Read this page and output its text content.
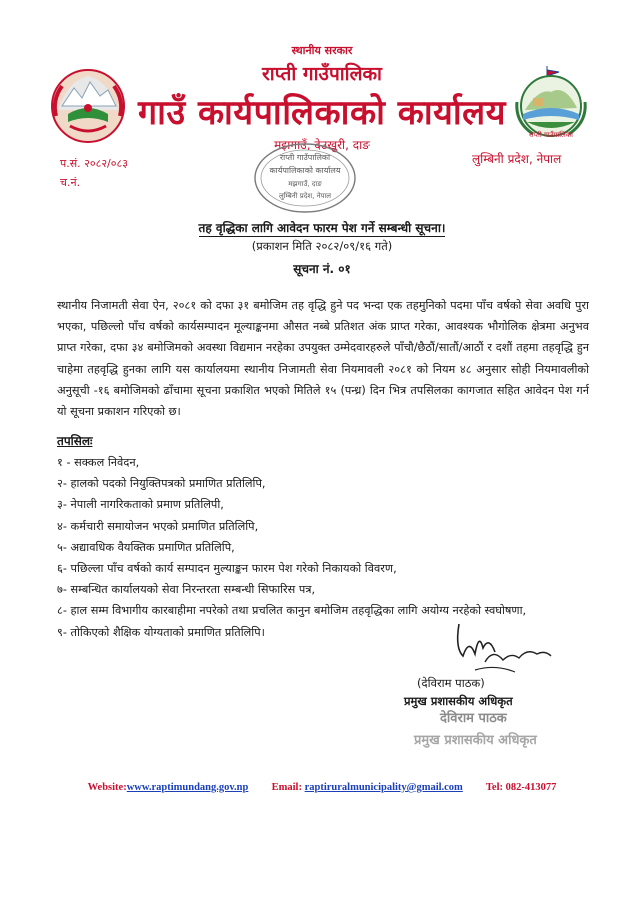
राप्ती गाउँपालिका
स्थानीय सरकार
राप्ती गाउँपालिका
गाउँ कार्यपालिकाको कार्यालय
मझगाउँ, देउखुरी, दाङ
प.सं. २०८२/०८३
च.नं.
लुम्बिनी प्रदेश, नेपाल
राप्ती गाउँपालिका
कार्यपालिकाको कार्यालय
मझगाउँ, दाङ
लुम्बिनी प्रदेश, नेपाल
तह वृद्धिका लागि आवेदन फारम पेश गर्ने सम्बन्धी सूचना।
(प्रकाशन मिति २०८२/०९/१६ गते)
सूचना नं. ०१
स्थानीय निजामती सेवा ऐन, २०८१ को दफा ३१ बमोजिम तह वृद्धि हुने पद भन्दा एक तहमुनिको पदमा पाँच वर्षको सेवा अवधि पुरा भएका, पछिल्लो पाँच वर्षको कार्यसम्पादन मूल्याङ्कनमा औसत नब्बे प्रतिशत अंक प्राप्त गरेका, आवश्यक भौगोलिक क्षेत्रमा अनुभव प्राप्त गरेका, दफा ३४ बमोजिमको अवस्था विद्यमान नरहेका उपयुक्त उम्मेदवारहरुले पाँचौ/छैठौं/सातौं/आठौं र दशौं तहमा तहवृद्धि हुन चाहेमा तहवृद्धि हुनका लागि यस कार्यालयमा स्थानीय निजामती सेवा नियमावली २०८१ को नियम ४८ अनुसार सोही नियमावलीको अनुसूची -१६ बमोजिमको ढाँचामा सूचना प्रकाशित भएको मितिले १५ (पन्ध्र) दिन भित्र तपसिलका कागजात सहित आवेदन पेश गर्न यो सूचना प्रकाशन गरिएको छ।
तपसिलः
१ - सक्कल निवेदन,
२- हालको पदको नियुक्तिपत्रको प्रमाणित प्रतिलिपि,
३- नेपाली नागरिकताको प्रमाण प्रतिलिपी,
४- कर्मचारी समायोजन भएको प्रमाणित प्रतिलिपि,
५- अद्यावधिक वैयक्तिक प्रमाणित प्रतिलिपि,
६- पछिल्ला पाँच वर्षको कार्य सम्पादन मुल्याङ्कन फारम पेश गरेको निकायको विवरण,
७- सम्बन्धित कार्यालयको सेवा निरन्तरता सम्बन्धी सिफारिस पत्र,
८- हाल सम्म विभागीय कारबाहीमा नपरेको तथा प्रचलित कानुन बमोजिम तहवृद्धिका लागि अयोग्य नरहेको स्वघोषणा,
९- तोकिएको शैक्षिक योग्यताको प्रमाणित प्रतिलिपि।
(देविराम पाठक)
प्रमुख प्रशासकीय अधिकृत
देविराम पाठक
प्रमुख प्रशासकीय अधिकृत
Website:www.raptimundang.gov.np Email: raptiruralmunicipality@gmail.com Tel: 082-413077
